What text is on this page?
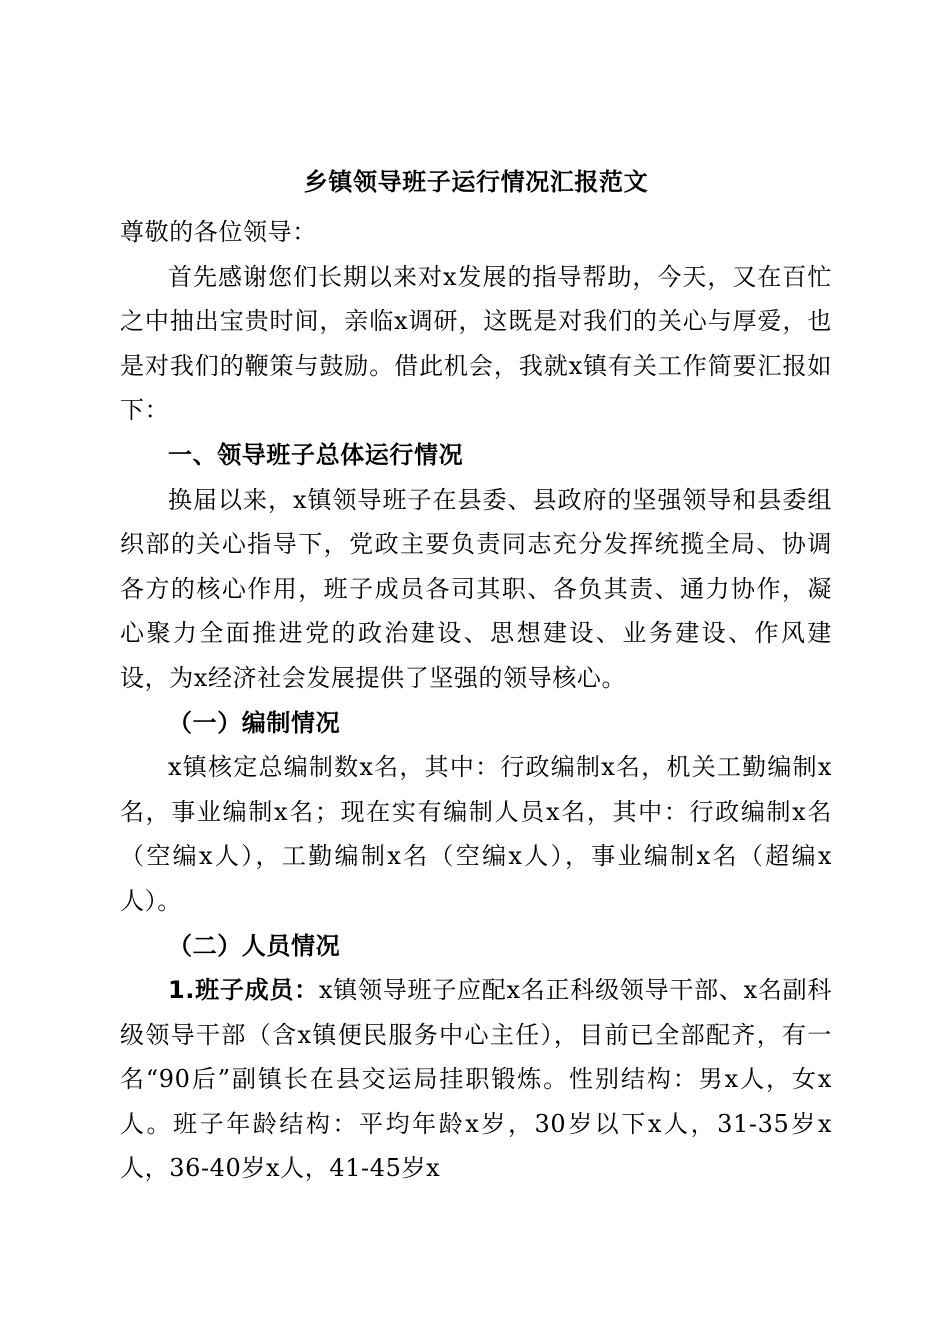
乡镇领导班子运行情况汇报范文

尊敬的各位领导：

首先感谢您们长期以来对x发展的指导帮助，今天，又在百忙之中抽出宝贵时间，亲临x调研，这既是对我们的关心与厚爱，也是对我们的鞭策与鼓励。借此机会，我就x镇有关工作简要汇报如下：

一、领导班子总体运行情况

换届以来，x镇领导班子在县委、县政府的坚强领导和县委组织部的关心指导下，党政主要负责同志充分发挥统揽全局、协调各方的核心作用，班子成员各司其职、各负其责、通力协作，凝心聚力全面推进党的政治建设、思想建设、业务建设、作风建设，为x经济社会发展提供了坚强的领导核心。

（一）编制情况

x镇核定总编制数x名，其中：行政编制x名，机关工勤编制x名，事业编制x名；现在实有编制人员x名，其中：行政编制x名（空编x人），工勤编制x名（空编x人），事业编制x名（超编x人）。

（二）人员情况

1.班子成员：x镇领导班子应配x名正科级领导干部、x名副科级领导干部（含x镇便民服务中心主任），目前已全部配齐，有一名“90后”副镇长在县交运局挂职锻炼。性别结构：男x人，女x人。班子年龄结构：平均年龄x岁，30岁以下x人，31-35岁x人，36-40岁x人，41-45岁x
